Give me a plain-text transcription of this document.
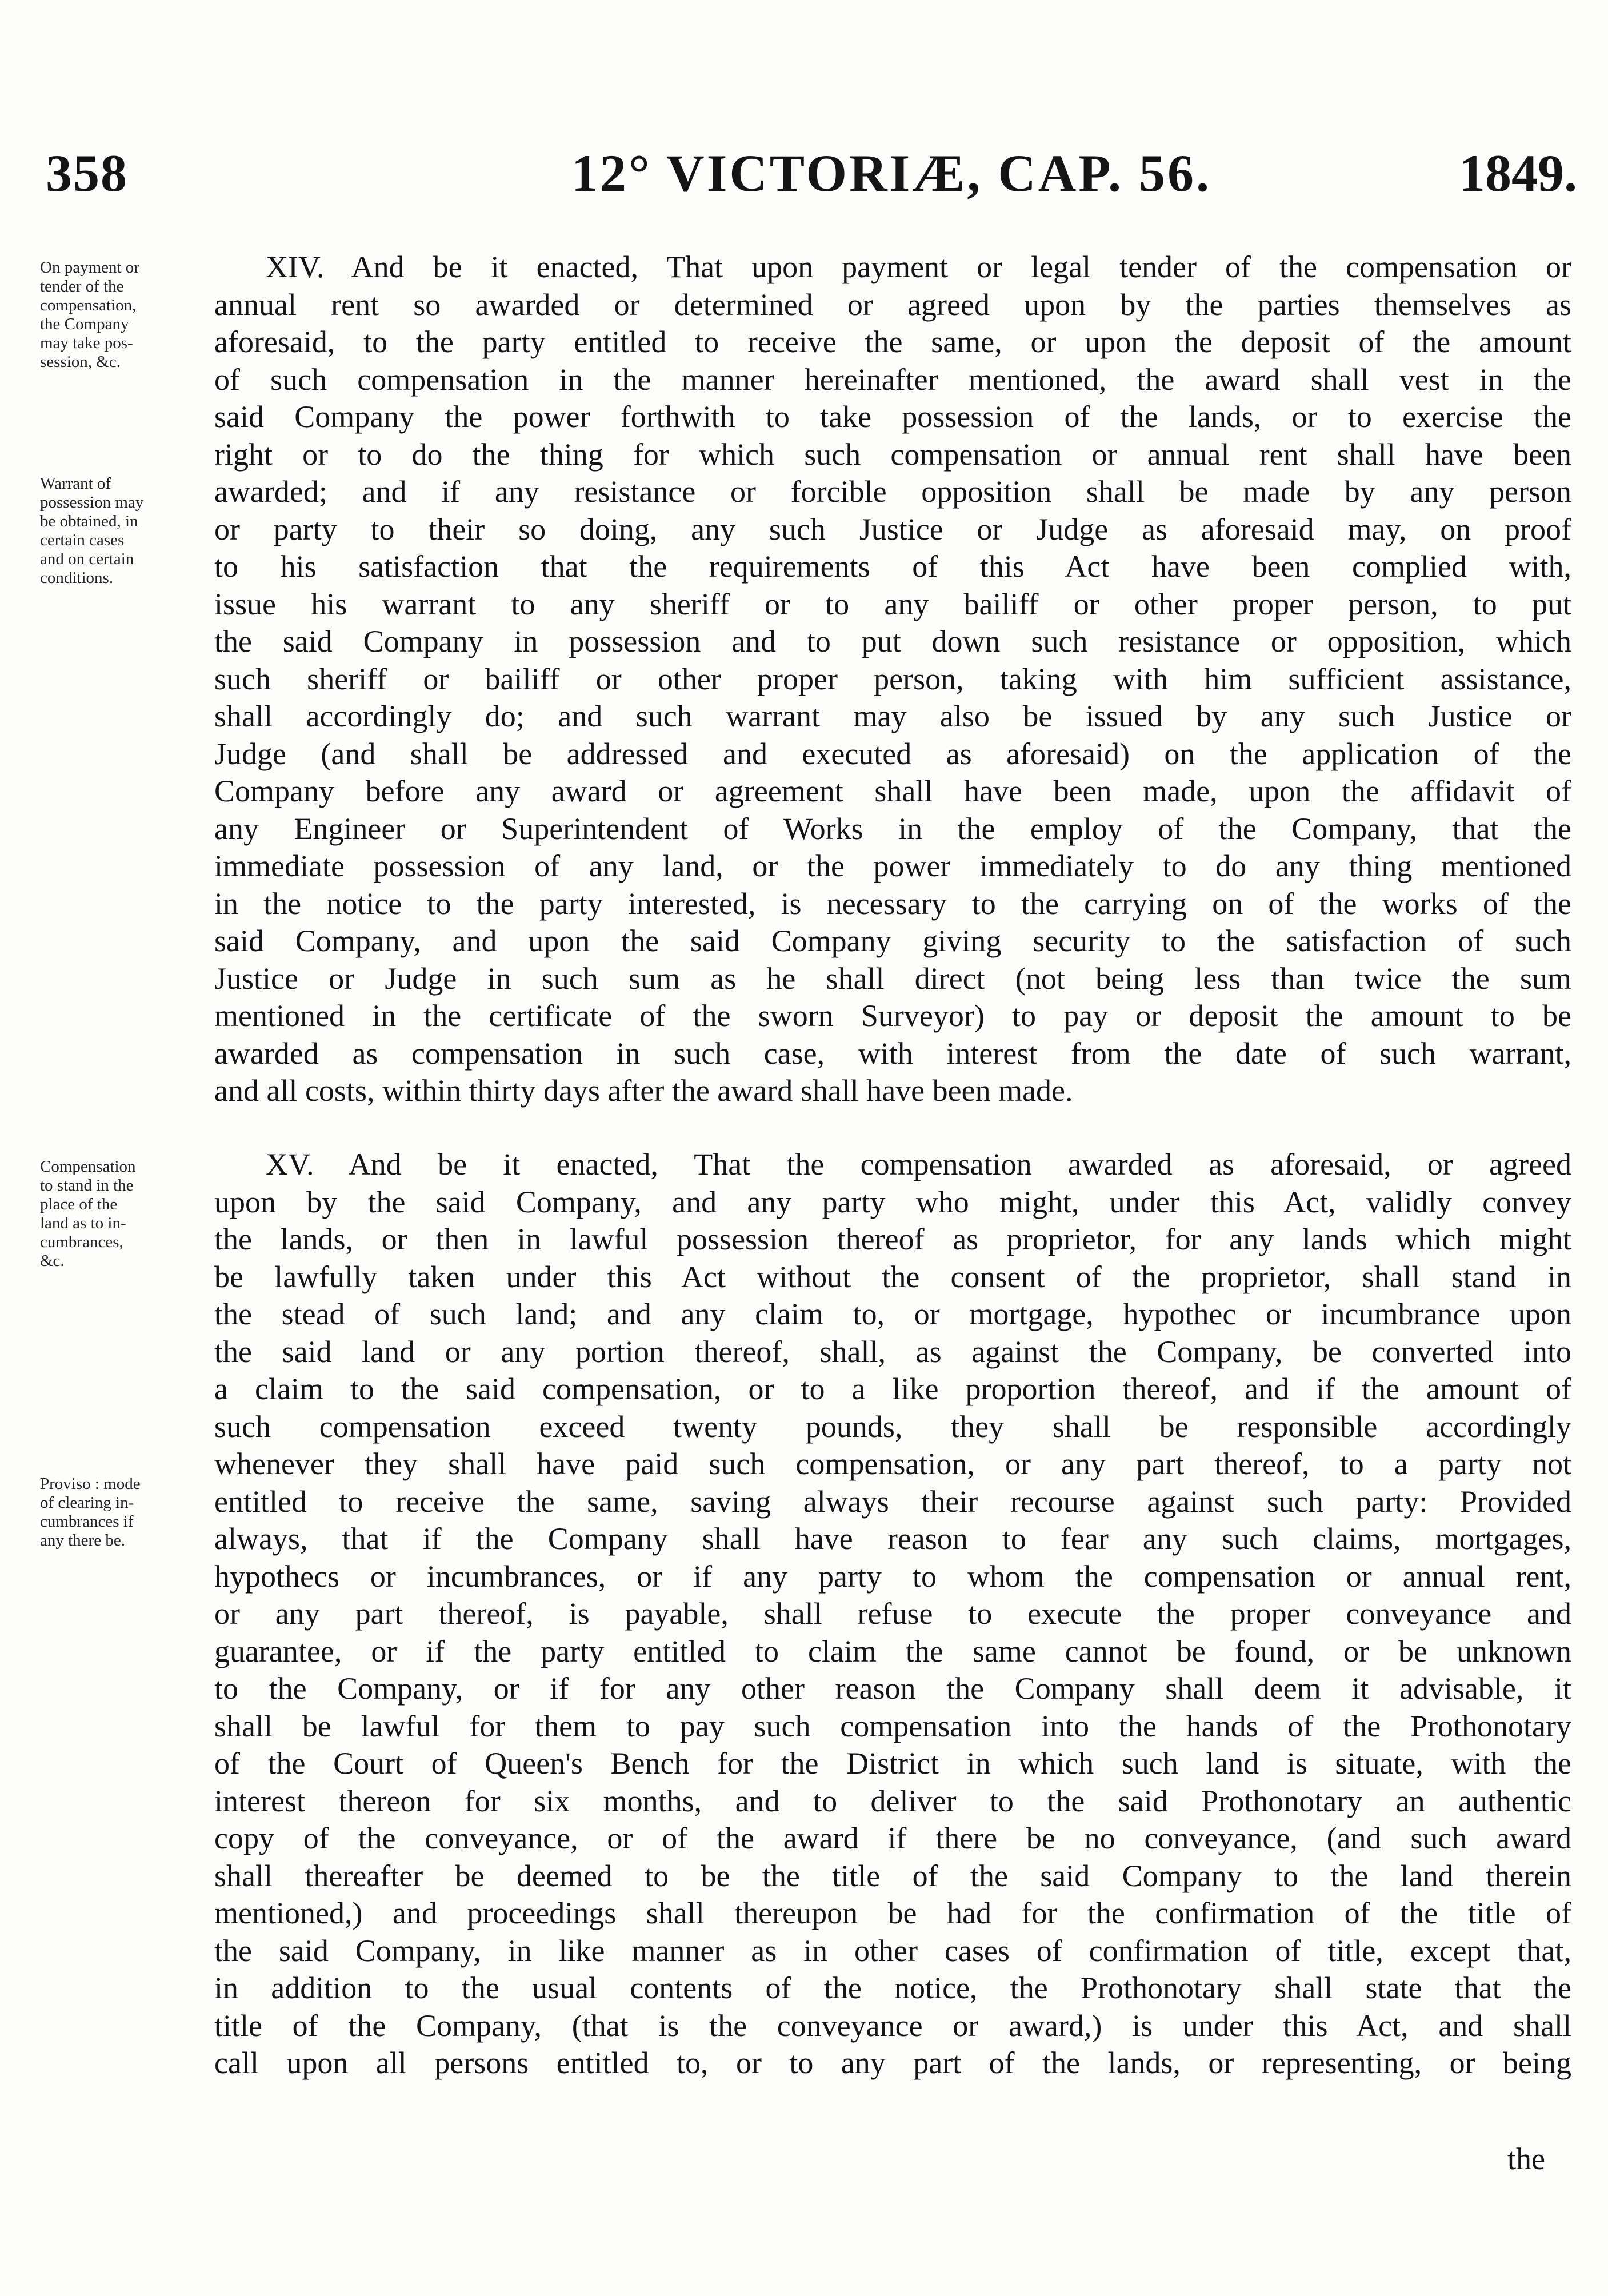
358	12° VICTORIÆ, CAP. 56.	1849.
On payment or
tender of the
compensation,
the Company
may take pos-
session, &c.
Warrant of
possession may
be obtained, in
certain cases
and on certain
conditions.
Compensation
to stand in the
place of the
land as to in-
cumbrances,
&c.
Proviso : mode
of clearing in-
cumbrances if
any there be.
XIV. And be it enacted, That upon payment or legal tender of the compensation or
annual rent so awarded or determined or agreed upon by the parties themselves as
aforesaid, to the party entitled to receive the same, or upon the deposit of the amount
of such compensation in the manner hereinafter mentioned, the award shall vest in the
said Company the power forthwith to take possession of the lands, or to exercise the
right or to do the thing for which such compensation or annual rent shall have been
awarded; and if any resistance or forcible opposition shall be made by any person
or party to their so doing, any such Justice or Judge as aforesaid may, on proof
to his satisfaction that the requirements of this Act have been complied with,
issue his warrant to any sheriff or to any bailiff or other proper person, to put
the said Company in possession and to put down such resistance or opposition, which
such sheriff or bailiff or other proper person, taking with him sufficient assistance,
shall accordingly do; and such warrant may also be issued by any such Justice or
Judge (and shall be addressed and executed as aforesaid) on the application of the
Company before any award or agreement shall have been made, upon the affidavit of
any Engineer or Superintendent of Works in the employ of the Company, that the
immediate possession of any land, or the power immediately to do any thing mentioned
in the notice to the party interested, is necessary to the carrying on of the works of the
said Company, and upon the said Company giving security to the satisfaction of such
Justice or Judge in such sum as he shall direct (not being less than twice the sum
mentioned in the certificate of the sworn Surveyor) to pay or deposit the amount to be
awarded as compensation in such case, with interest from the date of such warrant,
and all costs, within thirty days after the award shall have been made.
XV. And be it enacted, That the compensation awarded as aforesaid, or agreed
upon by the said Company, and any party who might, under this Act, validly convey
the lands, or then in lawful possession thereof as proprietor, for any lands which might
be lawfully taken under this Act without the consent of the proprietor, shall stand in
the stead of such land; and any claim to, or mortgage, hypothec or incumbrance upon
the said land or any portion thereof, shall, as against the Company, be converted into
a claim to the said compensation, or to a like proportion thereof, and if the amount of
such compensation exceed twenty pounds, they shall be responsible accordingly
whenever they shall have paid such compensation, or any part thereof, to a party not
entitled to receive the same, saving always their recourse against such party: Provided
always, that if the Company shall have reason to fear any such claims, mortgages,
hypothecs or incumbrances, or if any party to whom the compensation or annual rent,
or any part thereof, is payable, shall refuse to execute the proper conveyance and
guarantee, or if the party entitled to claim the same cannot be found, or be unknown
to the Company, or if for any other reason the Company shall deem it advisable, it
shall be lawful for them to pay such compensation into the hands of the Prothonotary
of the Court of Queen's Bench for the District in which such land is situate, with the
interest thereon for six months, and to deliver to the said Prothonotary an authentic
copy of the conveyance, or of the award if there be no conveyance, (and such award
shall thereafter be deemed to be the title of the said Company to the land therein
mentioned,) and proceedings shall thereupon be had for the confirmation of the title of
the said Company, in like manner as in other cases of confirmation of title, except that,
in addition to the usual contents of the notice, the Prothonotary shall state that the
title of the Company, (that is the conveyance or award,) is under this Act, and shall
call upon all persons entitled to, or to any part of the lands, or representing, or being
the
